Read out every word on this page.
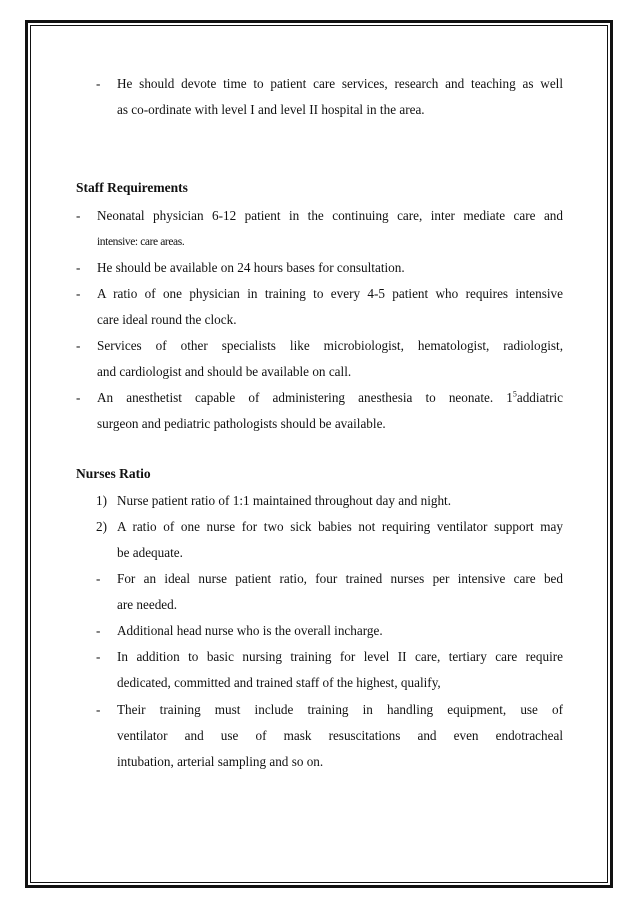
- He should devote time to patient care services, research and teaching as well
as co-ordinate with level I and level II hospital in the area.
Staff Requirements
- Neonatal physician 6-12 patient in the continuing care, inter mediate care and
intensive: care areas.
- He should be available on 24 hours bases for consultation.
- A ratio of one physician in training to every 4-5 patient who requires intensive
care ideal round the clock.
- Services of other specialists like microbiologist, hematologist, radiologist,
and cardiologist and should be available on call.
- An anesthetist capable of administering anesthesia to neonate. $1^5addiatric$
surgeon and pediatric pathologists should be available.
Nurses Ratio
1) Nurse patient ratio of 1:1 maintained throughout day and night.
2) A ratio of one nurse for two sick babies not requiring ventilator support may
be adequate.
- For an ideal nurse patient ratio, four trained nurses per intensive care bed
are needed.
- Additional head nurse who is the overall incharge.
- In addition to basic nursing training for level II care, tertiary care require
dedicated, committed and trained staff of the highest, qualify,
- Their training must include training in handling equipment, use of
ventilator and use of mask resuscitations and even endotracheal
intubation, arterial sampling and so on.
